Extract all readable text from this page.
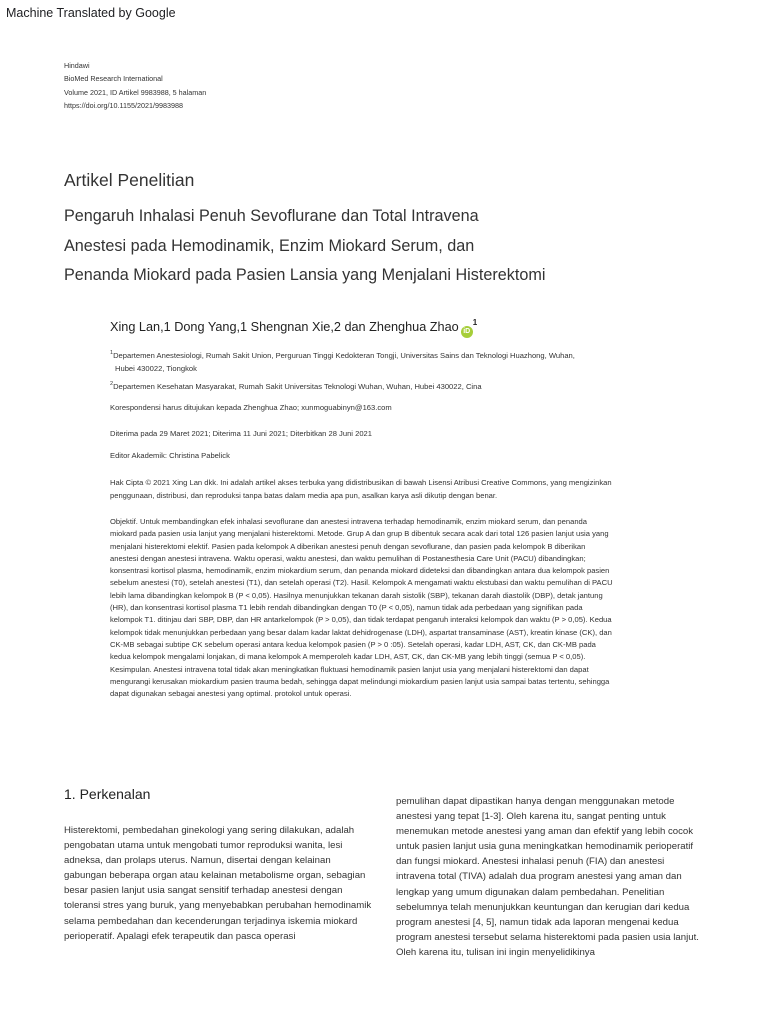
Machine Translated by Google
Hindawi
BioMed Research International
Volume 2021, ID Artikel 9983988, 5 halaman
https://doi.org/10.1155/2021/9983988
Artikel Penelitian
Pengaruh Inhalasi Penuh Sevoflurane dan Total Intravena
Anestesi pada Hemodinamik, Enzim Miokard Serum, dan
Penanda Miokard pada Pasien Lansia yang Menjalani Histerektomi
Xing Lan,1 Dong Yang,1 Shengnan Xie,2 dan Zhenghua Zhao $iD^1$
$^1$Departemen Anestesiologi, Rumah Sakit Union, Perguruan Tinggi Kedokteran Tongji, Universitas Sains dan Teknologi Huazhong, Wuhan,
Hubei 430022, Tiongkok
$^2$Departemen Kesehatan Masyarakat, Rumah Sakit Universitas Teknologi Wuhan, Wuhan, Hubei 430022, Cina
Korespondensi harus ditujukan kepada Zhenghua Zhao; xunmoguabinyn@163.com
Diterima pada 29 Maret 2021; Diterima 11 Juni 2021; Diterbitkan 28 Juni 2021
Editor Akademik: Christina Pabelick
Hak Cipta © 2021 Xing Lan dkk. Ini adalah artikel akses terbuka yang didistribusikan di bawah Lisensi Atribusi Creative Commons, yang mengizinkan
penggunaan, distribusi, dan reproduksi tanpa batas dalam media apa pun, asalkan karya asli dikutip dengan benar.
Objektif. Untuk membandingkan efek inhalasi sevoflurane dan anestesi intravena terhadap hemodinamik, enzim miokard serum, dan penanda
miokard pada pasien usia lanjut yang menjalani histerektomi. Metode. Grup A dan grup B dibentuk secara acak dari total 126 pasien lanjut usia yang
menjalani histerektomi elektif. Pasien pada kelompok A diberikan anestesi penuh dengan sevoflurane, dan pasien pada kelompok B diberikan
anestesi dengan anestesi intravena. Waktu operasi, waktu anestesi, dan waktu pemulihan di Postanesthesia Care Unit (PACU) dibandingkan;
konsentrasi kortisol plasma, hemodinamik, enzim miokardium serum, dan penanda miokard dideteksi dan dibandingkan antara dua kelompok pasien
sebelum anestesi (T0), setelah anestesi (T1), dan setelah operasi (T2). Hasil. Kelompok A mengamati waktu ekstubasi dan waktu pemulihan di PACU
lebih lama dibandingkan kelompok B (P < 0,05). Hasilnya menunjukkan tekanan darah sistolik (SBP), tekanan darah diastolik (DBP), detak jantung
(HR), dan konsentrasi kortisol plasma T1 lebih rendah dibandingkan dengan T0 (P < 0,05), namun tidak ada perbedaan yang signifikan pada
kelompok T1. ditinjau dari SBP, DBP, dan HR antarkelompok (P > 0,05), dan tidak terdapat pengaruh interaksi kelompok dan waktu (P > 0,05). Kedua
kelompok tidak menunjukkan perbedaan yang besar dalam kadar laktat dehidrogenase (LDH), aspartat transaminase (AST), kreatin kinase (CK), dan
CK-MB sebagai subtipe CK sebelum operasi antara kedua kelompok pasien (P > 0 :05). Setelah operasi, kadar LDH, AST, CK, dan CK-MB pada
kedua kelompok mengalami lonjakan, di mana kelompok A memperoleh kadar LDH, AST, CK, dan CK-MB yang lebih tinggi (semua P < 0,05).
Kesimpulan. Anestesi intravena total tidak akan meningkatkan fluktuasi hemodinamik pasien lanjut usia yang menjalani histerektomi dan dapat
mengurangi kerusakan miokardium pasien trauma bedah, sehingga dapat melindungi miokardium pasien lanjut usia sampai batas tertentu, sehingga
dapat digunakan sebagai anestesi yang optimal. protokol untuk operasi.
1. Perkenalan
Histerektomi, pembedahan ginekologi yang sering dilakukan, adalah
pengobatan utama untuk mengobati tumor reproduksi wanita, lesi
adneksa, dan prolaps uterus. Namun, disertai dengan kelainan
gabungan beberapa organ atau kelainan metabolisme organ, sebagian
besar pasien lanjut usia sangat sensitif terhadap anestesi dengan
toleransi stres yang buruk, yang menyebabkan perubahan hemodinamik
selama pembedahan dan kecenderungan terjadinya iskemia miokard
perioperatif. Apalagi efek terapeutik dan pasca operasi
pemulihan dapat dipastikan hanya dengan menggunakan metode
anestesi yang tepat [1-3]. Oleh karena itu, sangat penting untuk
menemukan metode anestesi yang aman dan efektif yang lebih cocok
untuk pasien lanjut usia guna meningkatkan hemodinamik perioperatif
dan fungsi miokard. Anestesi inhalasi penuh (FIA) dan anestesi
intravena total (TIVA) adalah dua program anestesi yang aman dan
lengkap yang umum digunakan dalam pembedahan. Penelitian
sebelumnya telah menunjukkan keuntungan dan kerugian dari kedua
program anestesi [4, 5], namun tidak ada laporan mengenai kedua
program anestesi tersebut selama histerektomi pada pasien usia lanjut.
Oleh karena itu, tulisan ini ingin menyelidikinya
